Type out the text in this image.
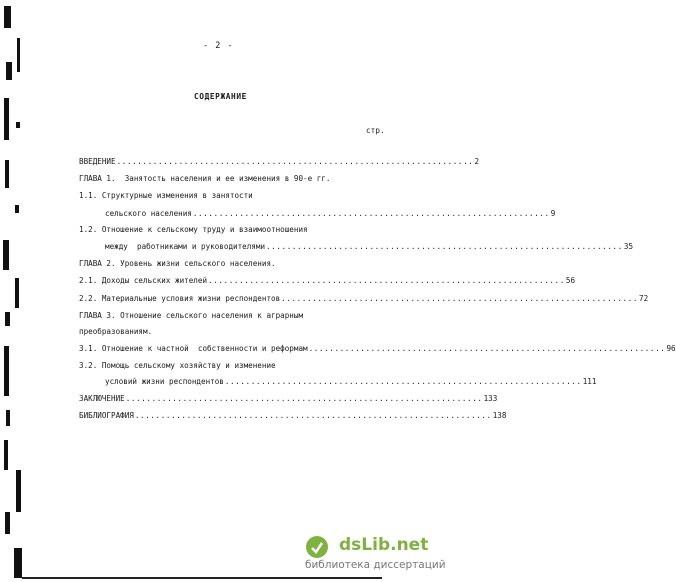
- 2 -
СОДЕРЖАНИЕ
стр.
ВВЕДЕНИЕ ..................................................................... 2
ГЛАВА 1.  Занятость населения и ее изменения в 90-е гг.
1.1. Структурные изменения в занятости
сельского населения ..................................................................... 9
1.2. Отношение к сельскому труду и взаимоотношения
между  работниками и руководителями ..................................................................... 35
ГЛАВА 2. Уровень жизни сельского населения.
2.1. Доходы сельских жителей ..................................................................... 56
2.2. Материальные условия жизни респондентов ..................................................................... 72
ГЛАВА 3. Отношение сельского населения к аграрным
преобразованиям.
3.1. Отношение к частной  собственности и реформам ..................................................................... 96
3.2. Помощь сельскому хозяйству и изменение
условий жизни респондентов ..................................................................... 111
ЗАКЛЮЧЕНИЕ ..................................................................... 133
БИБЛИОГРАФИЯ ..................................................................... 138
dsLib.net
библиотека диссертаций
